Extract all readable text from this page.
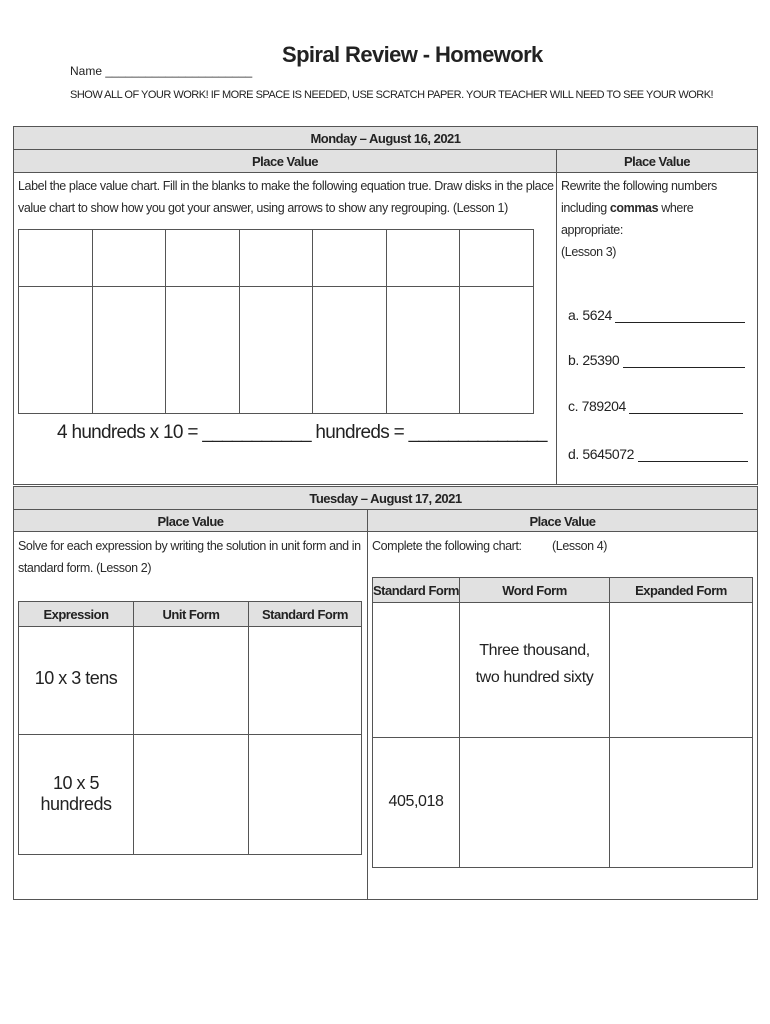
Spiral Review - Homework
Name ______________________
SHOW ALL OF YOUR WORK! IF MORE SPACE IS NEEDED, USE SCRATCH PAPER. YOUR TEACHER WILL NEED TO SEE YOUR WORK!
Monday – August 16, 2021
Place Value	Place Value
Label the place value chart. Fill in the blanks to make the following equation true. Draw disks in the place value chart to show how you got your answer, using arrows to show any regrouping. (Lesson 1)

4 hundreds x 10 = ___________ hundreds = ______________
Rewrite the following numbers including commas where appropriate:
(Lesson 3)
a. 5624
b. 25390
c. 789204
d. 5645072
Tuesday – August 17, 2021
Place Value	Place Value
Solve for each expression by writing the solution in unit form and in standard form. (Lesson 2)
Expression	Unit Form	Standard Form
10 x 3 tens		
10 x 5 hundreds		
Complete the following chart: (Lesson 4)
Standard Form	Word Form	Expanded Form
	Three thousand, two hundred sixty	
405,018		
